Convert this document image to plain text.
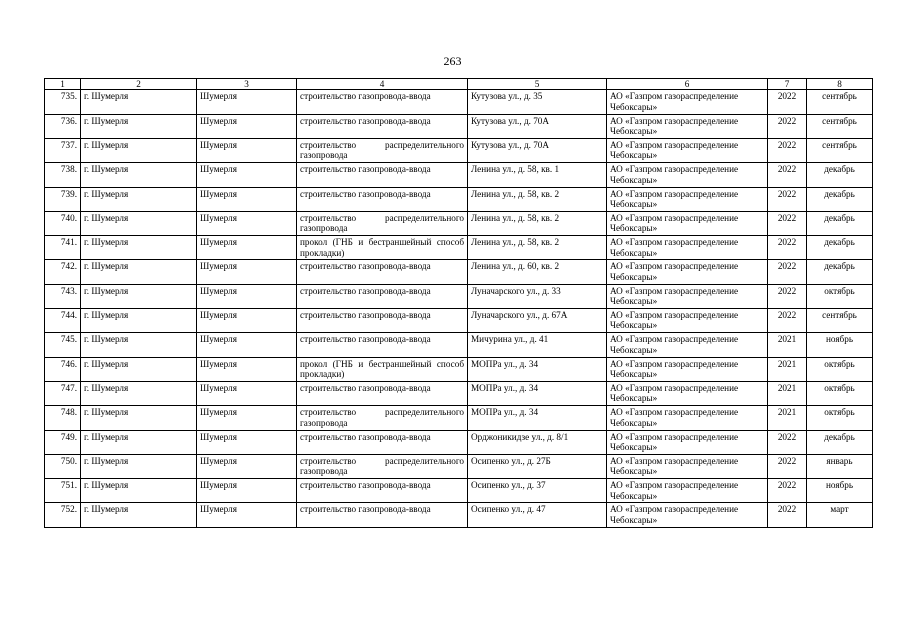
263
1	2	3	4	5	6	7	8
735.	г. Шумерля	Шумерля	строительство газопровода-ввода	Кутузова ул., д. 35	АО «Газпром газораспределение Чебоксары»	2022	сентябрь
736.	г. Шумерля	Шумерля	строительство газопровода-ввода	Кутузова ул., д. 70А	АО «Газпром газораспределение Чебоксары»	2022	сентябрь
737.	г. Шумерля	Шумерля	строительство распределительного газопровода	Кутузова ул., д. 70А	АО «Газпром газораспределение Чебоксары»	2022	сентябрь
738.	г. Шумерля	Шумерля	строительство газопровода-ввода	Ленина ул., д. 58, кв. 1	АО «Газпром газораспределение Чебоксары»	2022	декабрь
739.	г. Шумерля	Шумерля	строительство газопровода-ввода	Ленина ул., д. 58, кв. 2	АО «Газпром газораспределение Чебоксары»	2022	декабрь
740.	г. Шумерля	Шумерля	строительство распределительного газопровода	Ленина ул., д. 58, кв. 2	АО «Газпром газораспределение Чебоксары»	2022	декабрь
741.	г. Шумерля	Шумерля	прокол (ГНБ и бестраншейный способ прокладки)	Ленина ул., д. 58, кв. 2	АО «Газпром газораспределение Чебоксары»	2022	декабрь
742.	г. Шумерля	Шумерля	строительство газопровода-ввода	Ленина ул., д. 60, кв. 2	АО «Газпром газораспределение Чебоксары»	2022	декабрь
743.	г. Шумерля	Шумерля	строительство газопровода-ввода	Луначарского ул., д. 33	АО «Газпром газораспределение Чебоксары»	2022	октябрь
744.	г. Шумерля	Шумерля	строительство газопровода-ввода	Луначарского ул., д. 67А	АО «Газпром газораспределение Чебоксары»	2022	сентябрь
745.	г. Шумерля	Шумерля	строительство газопровода-ввода	Мичурина ул., д. 41	АО «Газпром газораспределение Чебоксары»	2021	ноябрь
746.	г. Шумерля	Шумерля	прокол (ГНБ и бестраншейный способ прокладки)	МОПРа ул., д. 34	АО «Газпром газораспределение Чебоксары»	2021	октябрь
747.	г. Шумерля	Шумерля	строительство газопровода-ввода	МОПРа ул., д. 34	АО «Газпром газораспределение Чебоксары»	2021	октябрь
748.	г. Шумерля	Шумерля	строительство распределительного газопровода	МОПРа ул., д. 34	АО «Газпром газораспределение Чебоксары»	2021	октябрь
749.	г. Шумерля	Шумерля	строительство газопровода-ввода	Орджоникидзе ул., д. 8/1	АО «Газпром газораспределение Чебоксары»	2022	декабрь
750.	г. Шумерля	Шумерля	строительство распределительного газопровода	Осипенко ул., д. 27Б	АО «Газпром газораспределение Чебоксары»	2022	январь
751.	г. Шумерля	Шумерля	строительство газопровода-ввода	Осипенко ул., д. 37	АО «Газпром газораспределение Чебоксары»	2022	ноябрь
752.	г. Шумерля	Шумерля	строительство газопровода-ввода	Осипенко ул., д. 47	АО «Газпром газораспределение Чебоксары»	2022	март
